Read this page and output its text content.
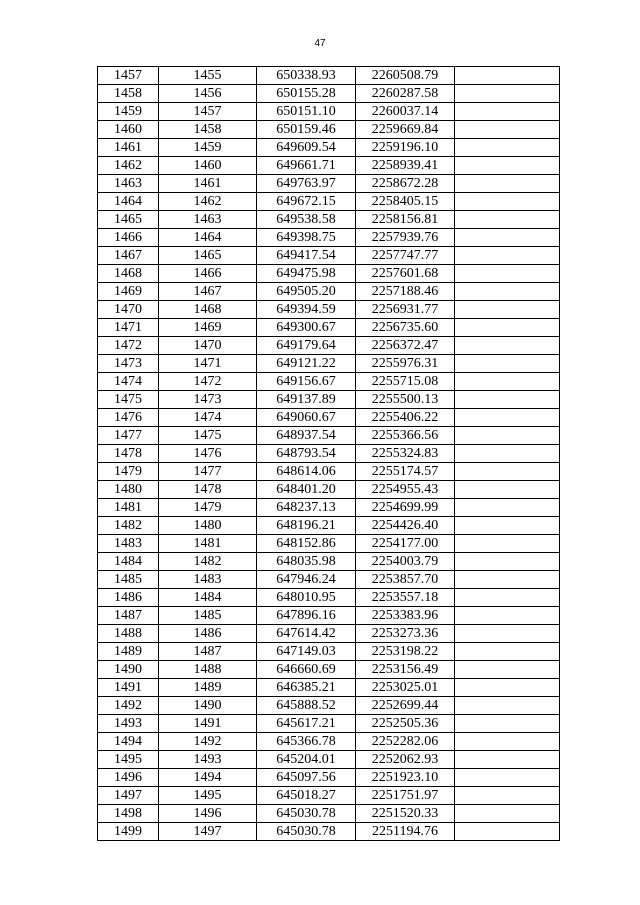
47
1457	1455	650338.93	2260508.79	
1458	1456	650155.28	2260287.58	
1459	1457	650151.10	2260037.14	
1460	1458	650159.46	2259669.84	
1461	1459	649609.54	2259196.10	
1462	1460	649661.71	2258939.41	
1463	1461	649763.97	2258672.28	
1464	1462	649672.15	2258405.15	
1465	1463	649538.58	2258156.81	
1466	1464	649398.75	2257939.76	
1467	1465	649417.54	2257747.77	
1468	1466	649475.98	2257601.68	
1469	1467	649505.20	2257188.46	
1470	1468	649394.59	2256931.77	
1471	1469	649300.67	2256735.60	
1472	1470	649179.64	2256372.47	
1473	1471	649121.22	2255976.31	
1474	1472	649156.67	2255715.08	
1475	1473	649137.89	2255500.13	
1476	1474	649060.67	2255406.22	
1477	1475	648937.54	2255366.56	
1478	1476	648793.54	2255324.83	
1479	1477	648614.06	2255174.57	
1480	1478	648401.20	2254955.43	
1481	1479	648237.13	2254699.99	
1482	1480	648196.21	2254426.40	
1483	1481	648152.86	2254177.00	
1484	1482	648035.98	2254003.79	
1485	1483	647946.24	2253857.70	
1486	1484	648010.95	2253557.18	
1487	1485	647896.16	2253383.96	
1488	1486	647614.42	2253273.36	
1489	1487	647149.03	2253198.22	
1490	1488	646660.69	2253156.49	
1491	1489	646385.21	2253025.01	
1492	1490	645888.52	2252699.44	
1493	1491	645617.21	2252505.36	
1494	1492	645366.78	2252282.06	
1495	1493	645204.01	2252062.93	
1496	1494	645097.56	2251923.10	
1497	1495	645018.27	2251751.97	
1498	1496	645030.78	2251520.33	
1499	1497	645030.78	2251194.76	
